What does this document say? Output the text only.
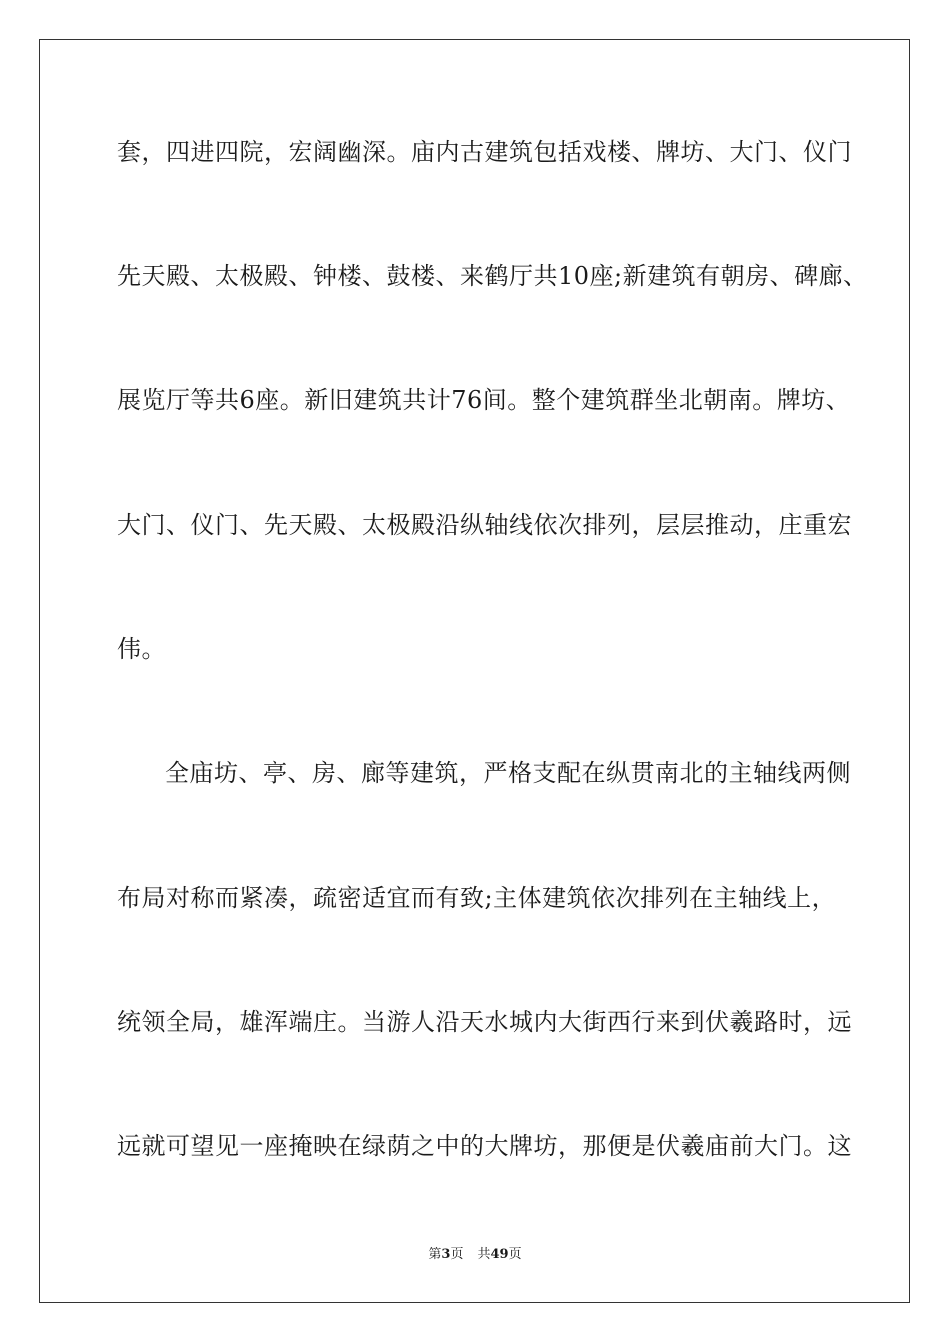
套，四进四院，宏阔幽深。庙内古建筑包括戏楼、牌坊、大门、仪门
先天殿、太极殿、钟楼、鼓楼、来鹤厅共10座;新建筑有朝房、碑廊、
展览厅等共6座。新旧建筑共计76间。整个建筑群坐北朝南。牌坊、
大门、仪门、先天殿、太极殿沿纵轴线依次排列，层层推动，庄重宏
伟。
全庙坊、亭、房、廊等建筑，严格支配在纵贯南北的主轴线两侧
布局对称而紧凑，疏密适宜而有致;主体建筑依次排列在主轴线上，
统领全局，雄浑端庄。当游人沿天水城内大街西行来到伏羲路时，远
远就可望见一座掩映在绿荫之中的大牌坊，那便是伏羲庙前大门。这
第3页 共49页
